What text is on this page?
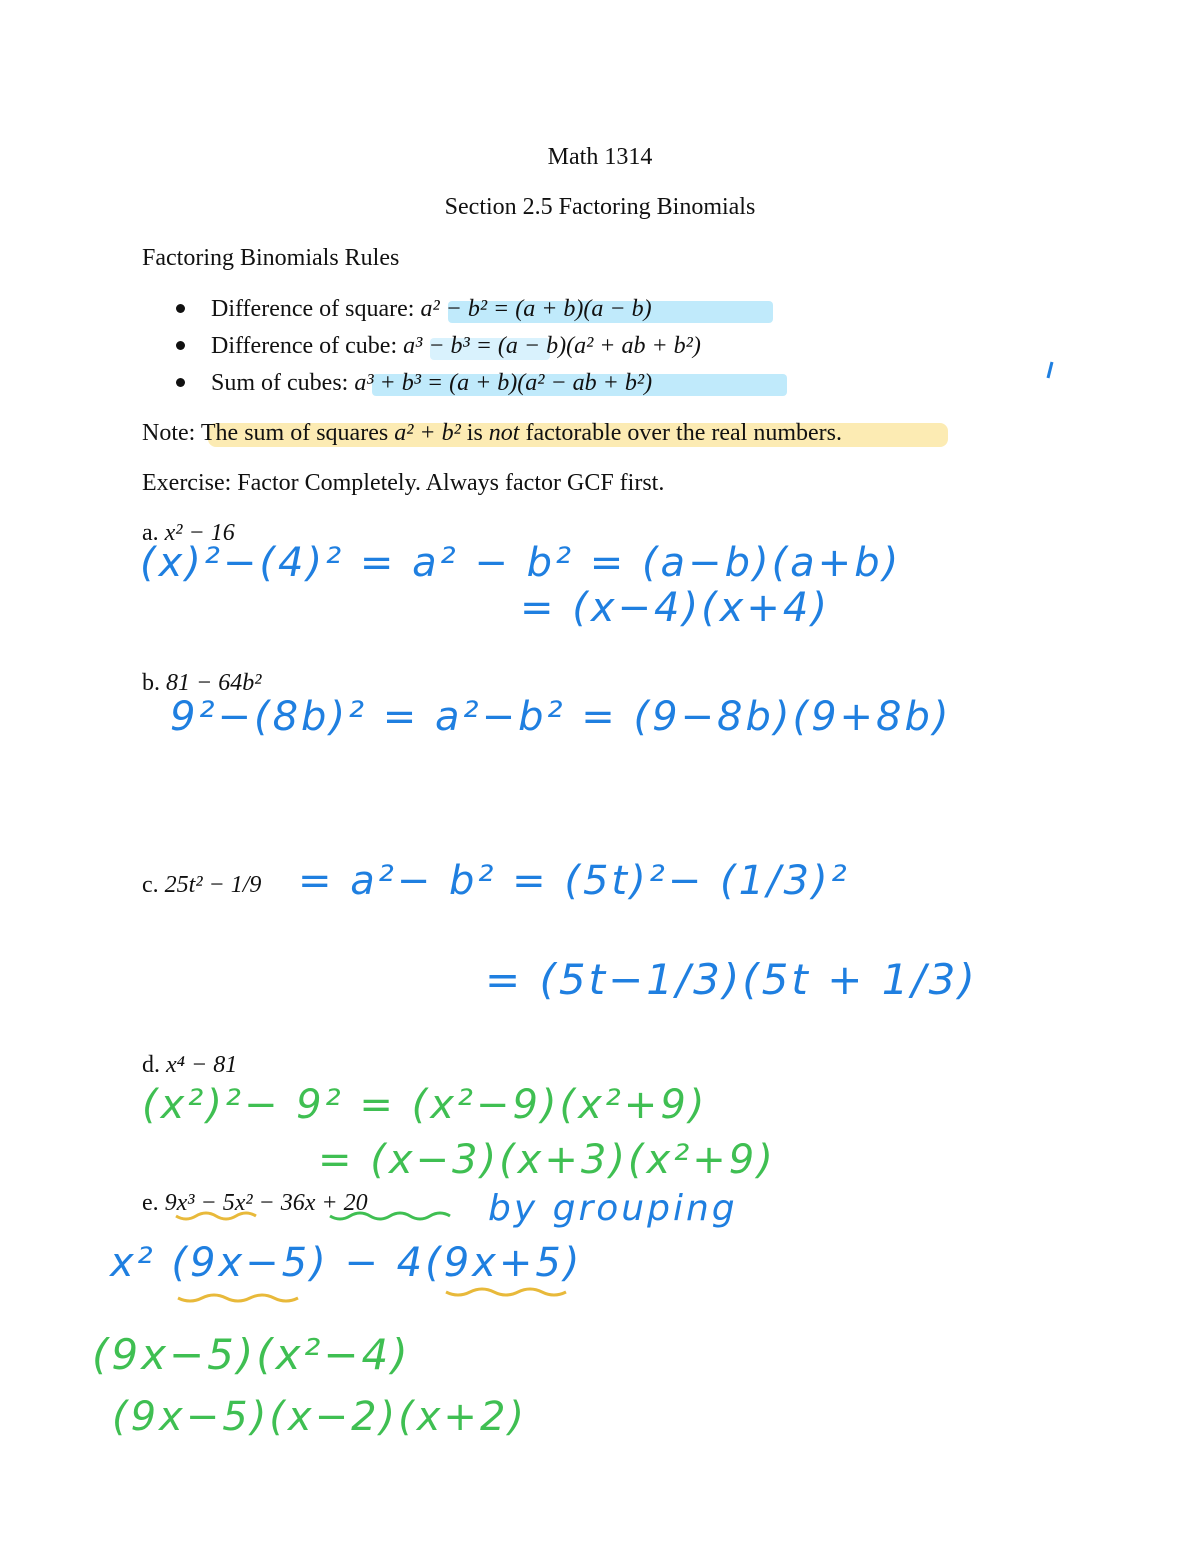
Math 1314
Section 2.5 Factoring Binomials
Factoring Binomials Rules
Difference of square: a² − b² = (a + b)(a − b)
Difference of cube: a³ − b³ = (a − b)(a² + ab + b²)
Sum of cubes: a³ + b³ = (a + b)(a² − ab + b²)
Note: The sum of squares a² + b² is not factorable over the real numbers.
Exercise: Factor Completely. Always factor GCF first.
a. x² − 16
(x)²−(4)² = a² − b² = (a−b)(a+b)
= (x−4)(x+4)
b. 81 − 64b²
9²−(8b)² = a²−b² = (9−8b)(9+8b)
c. 25t² − 1/9 = a²− b² = (5t)²− (1/3)²
= (5t−1/3)(5t + 1/3)
d. x⁴ − 81
(x²)²− 9² = (x²−9)(x²+9)
= (x−3)(x+3)(x²+9)
e. 9x³ − 5x² − 36x + 20	by grouping
x² (9x−5) − 4(9x+5)
(9x−5)(x²−4)
(9x−5)(x−2)(x+2)
